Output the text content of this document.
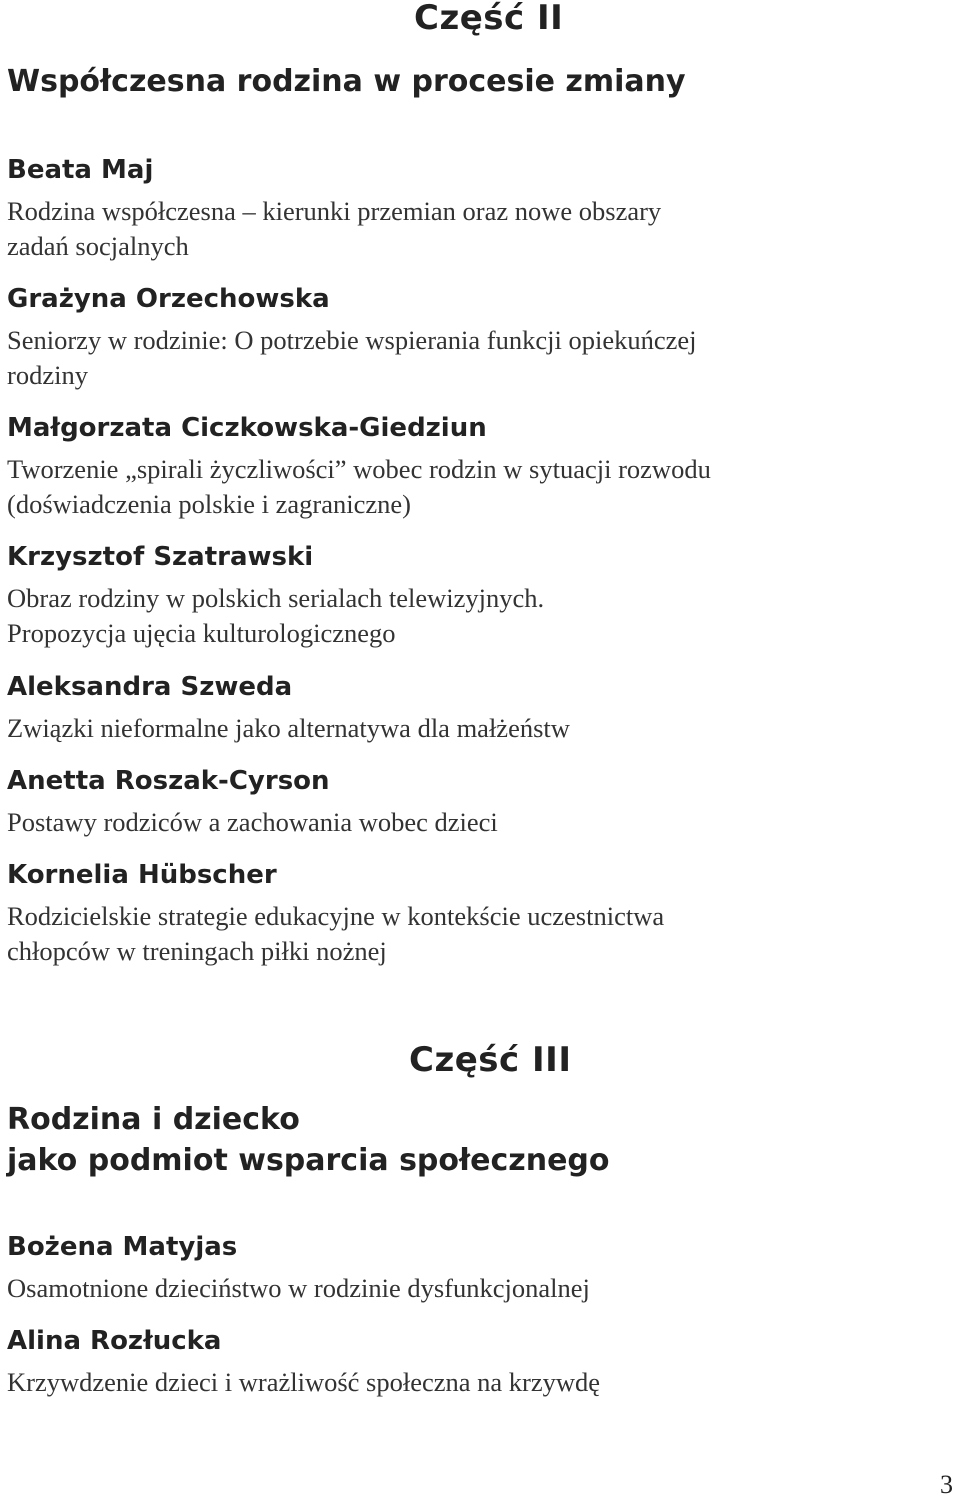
Część II
Współczesna rodzina w procesie zmiany
Beata Maj
Rodzina współczesna – kierunki przemian oraz nowe obszary
zadań socjalnych
Grażyna Orzechowska
Seniorzy w rodzinie: O potrzebie wspierania funkcji opiekuńczej
rodziny
Małgorzata Ciczkowska-Giedziun
Tworzenie „spirali życzliwości” wobec rodzin w sytuacji rozwodu
(doświadczenia polskie i zagraniczne)
Krzysztof Szatrawski
Obraz rodziny w polskich serialach telewizyjnych.
Propozycja ujęcia kulturologicznego
Aleksandra Szweda
Związki nieformalne jako alternatywa dla małżeństw
Anetta Roszak-Cyrson
Postawy rodziców a zachowania wobec dzieci
Kornelia Hübscher
Rodzicielskie strategie edukacyjne w kontekście uczestnictwa
chłopców w treningach piłki nożnej
Część III
Rodzina i dziecko
jako podmiot wsparcia społecznego
Bożena Matyjas
Osamotnione dzieciństwo w rodzinie dysfunkcjonalnej
Alina Rozłucka
Krzywdzenie dzieci i wrażliwość społeczna na krzywdę
3
